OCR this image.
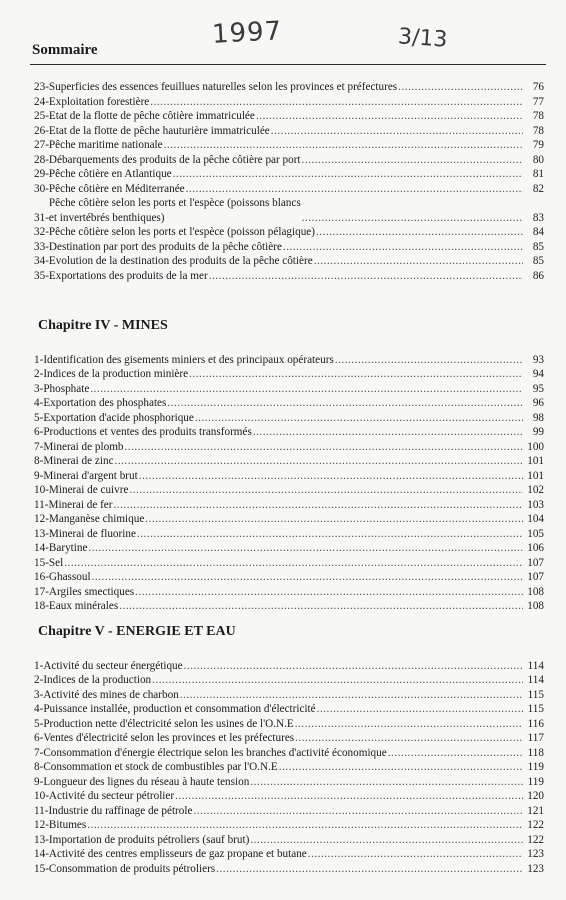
1997	3/13
Sommaire
23 - Superficies des essences feuillues naturelles selon les provinces et préfectures .....	76
24 - Exploitation forestière .....	77
25 - Etat de la flotte de pêche côtière immatriculée .....	78
26 - Etat de la flotte de pêche hauturière immatriculée .....	78
27 - Pêche maritime nationale .....	79
28 - Débarquements des produits de la pêche côtière par port .....	80
29 - Pêche côtière en Atlantique .....	81
30 - Pêche côtière en Méditerranée .....	82
31 -
Pêche côtière selon les ports et l'espèce (poissons blancs
et invertébrés benthiques) .....	83
32 - Pêche côtière selon les ports et l'espèce (poisson pélagique) .....	84
33 - Destination par port des produits de la pêche côtière .....	85
34 - Evolution de la destination des produits de la pêche côtière .....	85
35 - Exportations des produits de la mer .....	86
Chapitre IV - MINES
1 - Identification des gisements miniers et des principaux opérateurs .....	93
2 - Indices de la production minière .....	94
3 - Phosphate .....	95
4 - Exportation des phosphates .....	96
5 - Exportation d'acide phosphorique .....	98
6 - Productions et ventes des produits transformés .....	99
7 - Minerai de plomb .....	100
8 - Minerai de zinc .....	101
9 - Minerai d'argent brut .....	101
10 - Minerai de cuivre .....	102
11 - Minerai de fer .....	103
12 - Manganèse chimique .....	104
13 - Minerai de fluorine .....	105
14 - Barytine .....	106
15 - Sel .....	107
16 - Ghassoul .....	107
17 - Argiles smectiques .....	108
18 - Eaux minérales .....	108
Chapitre V - ENERGIE ET EAU
1 - Activité du secteur énergétique .....	114
2 - Indices de la production .....	114
3 - Activité des mines de charbon .....	115
4 - Puissance installée, production et consommation d'électricité .....	115
5 - Production nette d'électricité selon les usines de l'O.N.E .....	116
6 - Ventes d'électricité selon les provinces et les préfectures .....	117
7 - Consommation d'énergie électrique selon les branches d'activité économique .....	118
8 - Consommation et stock de combustibles par l'O.N.E .....	119
9 - Longueur des lignes du réseau à haute tension .....	119
10 - Activité du secteur pétrolier .....	120
11 - Industrie du raffinage de pétrole .....	121
12 - Bitumes .....	122
13 - Importation de produits pétroliers (sauf brut) .....	122
14 - Activité des centres emplisseurs de gaz propane et butane .....	123
15 - Consommation de produits pétroliers .....	123
